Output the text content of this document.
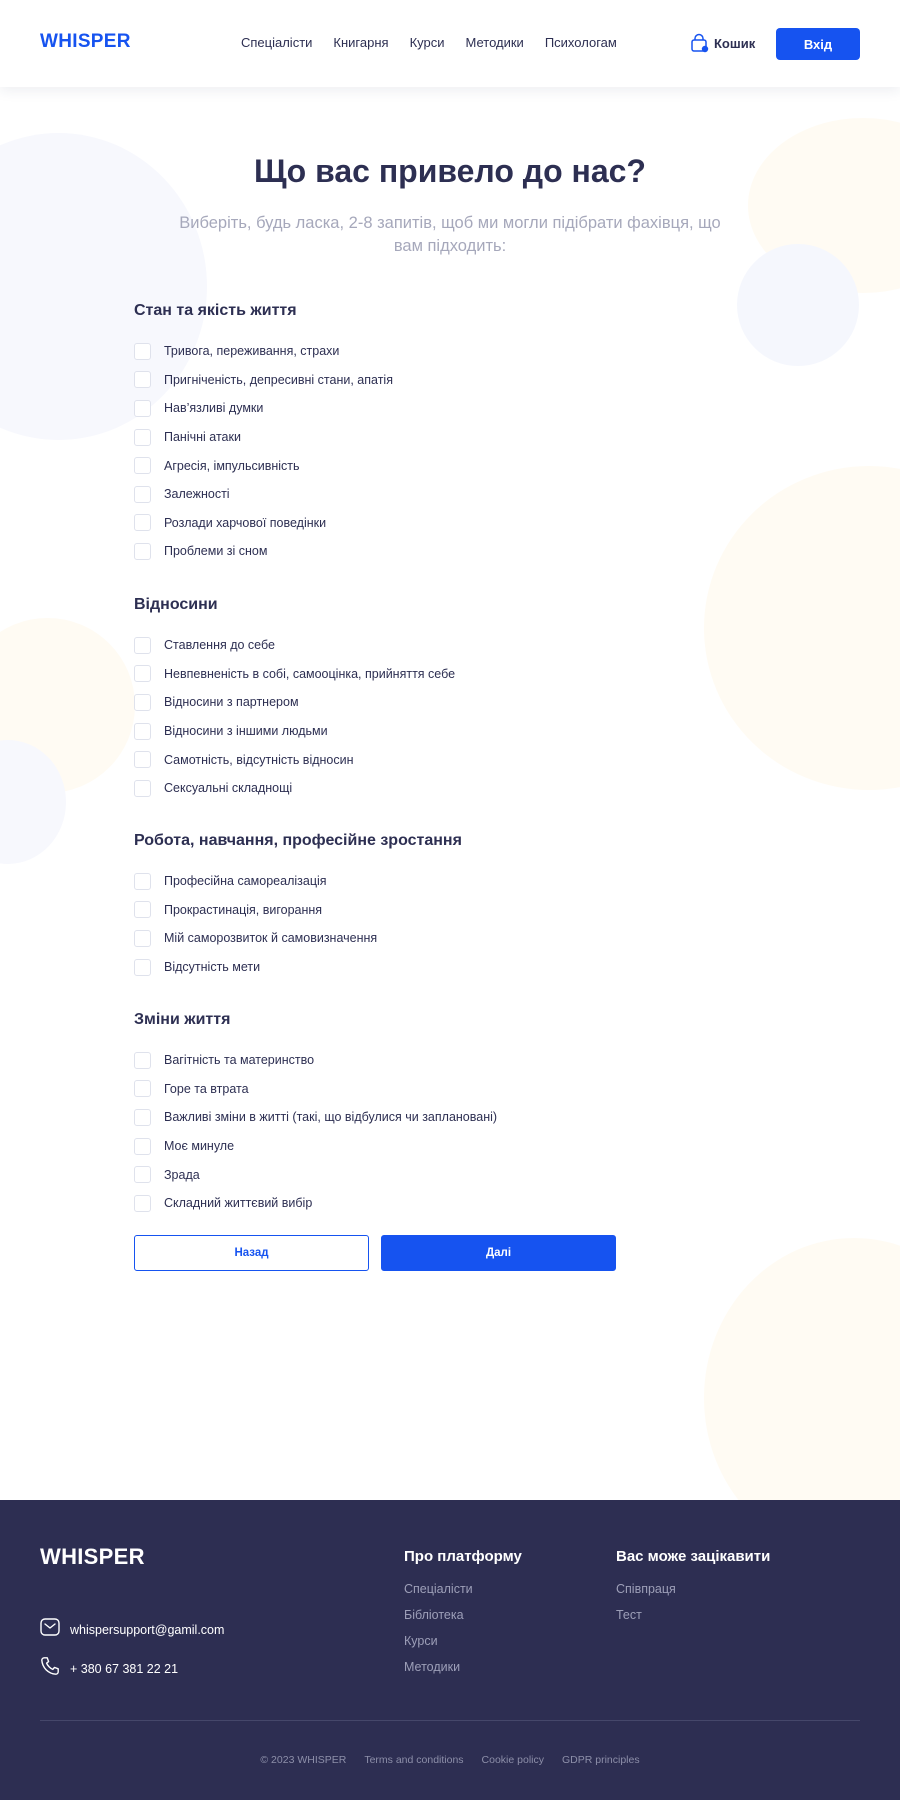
WHISPER	Спеціалісти Книгарня Курси Методики Психологам	Кошик	Вхід
Що вас привело до нас?

Виберіть, будь ласка, 2-8 запитів, щоб ми могли підібрати фахівця, що вам підходить:

Стан та якість життя
Тривога, переживання, страхи
Пригніченість, депресивні стани, апатія
Нав’язливі думки
Панічні атаки
Агресія, імпульсивність
Залежності
Розлади харчової поведінки
Проблеми зі сном
Відносини
Ставлення до себе
Невпевненість в собі, самооцінка, прийняття себе
Відносини з партнером
Відносини з іншими людьми
Самотність, відсутність відносин
Сексуальні складнощі
Робота, навчання, професійне зростання
Професійна самореалізація
Прокрастинація, вигорання
Мій саморозвиток й самовизначення
Відсутність мети
Зміни життя
Вагітність та материнство
Горе та втрата
Важливі зміни в житті (такі, що відбулися чи заплановані)
Моє минуле
Зрада
Складний життєвий вибір
Назад	Далі
WHISPER
whispersupport@gamil.com
+ 380 67 381 22 21
Про платформу
Спеціалісти
Бібліотека
Курси
Методики
Вас може зацікавити
Співпраця
Тест
© 2023 WHISPER Terms and conditions Cookie policy GDPR principles
